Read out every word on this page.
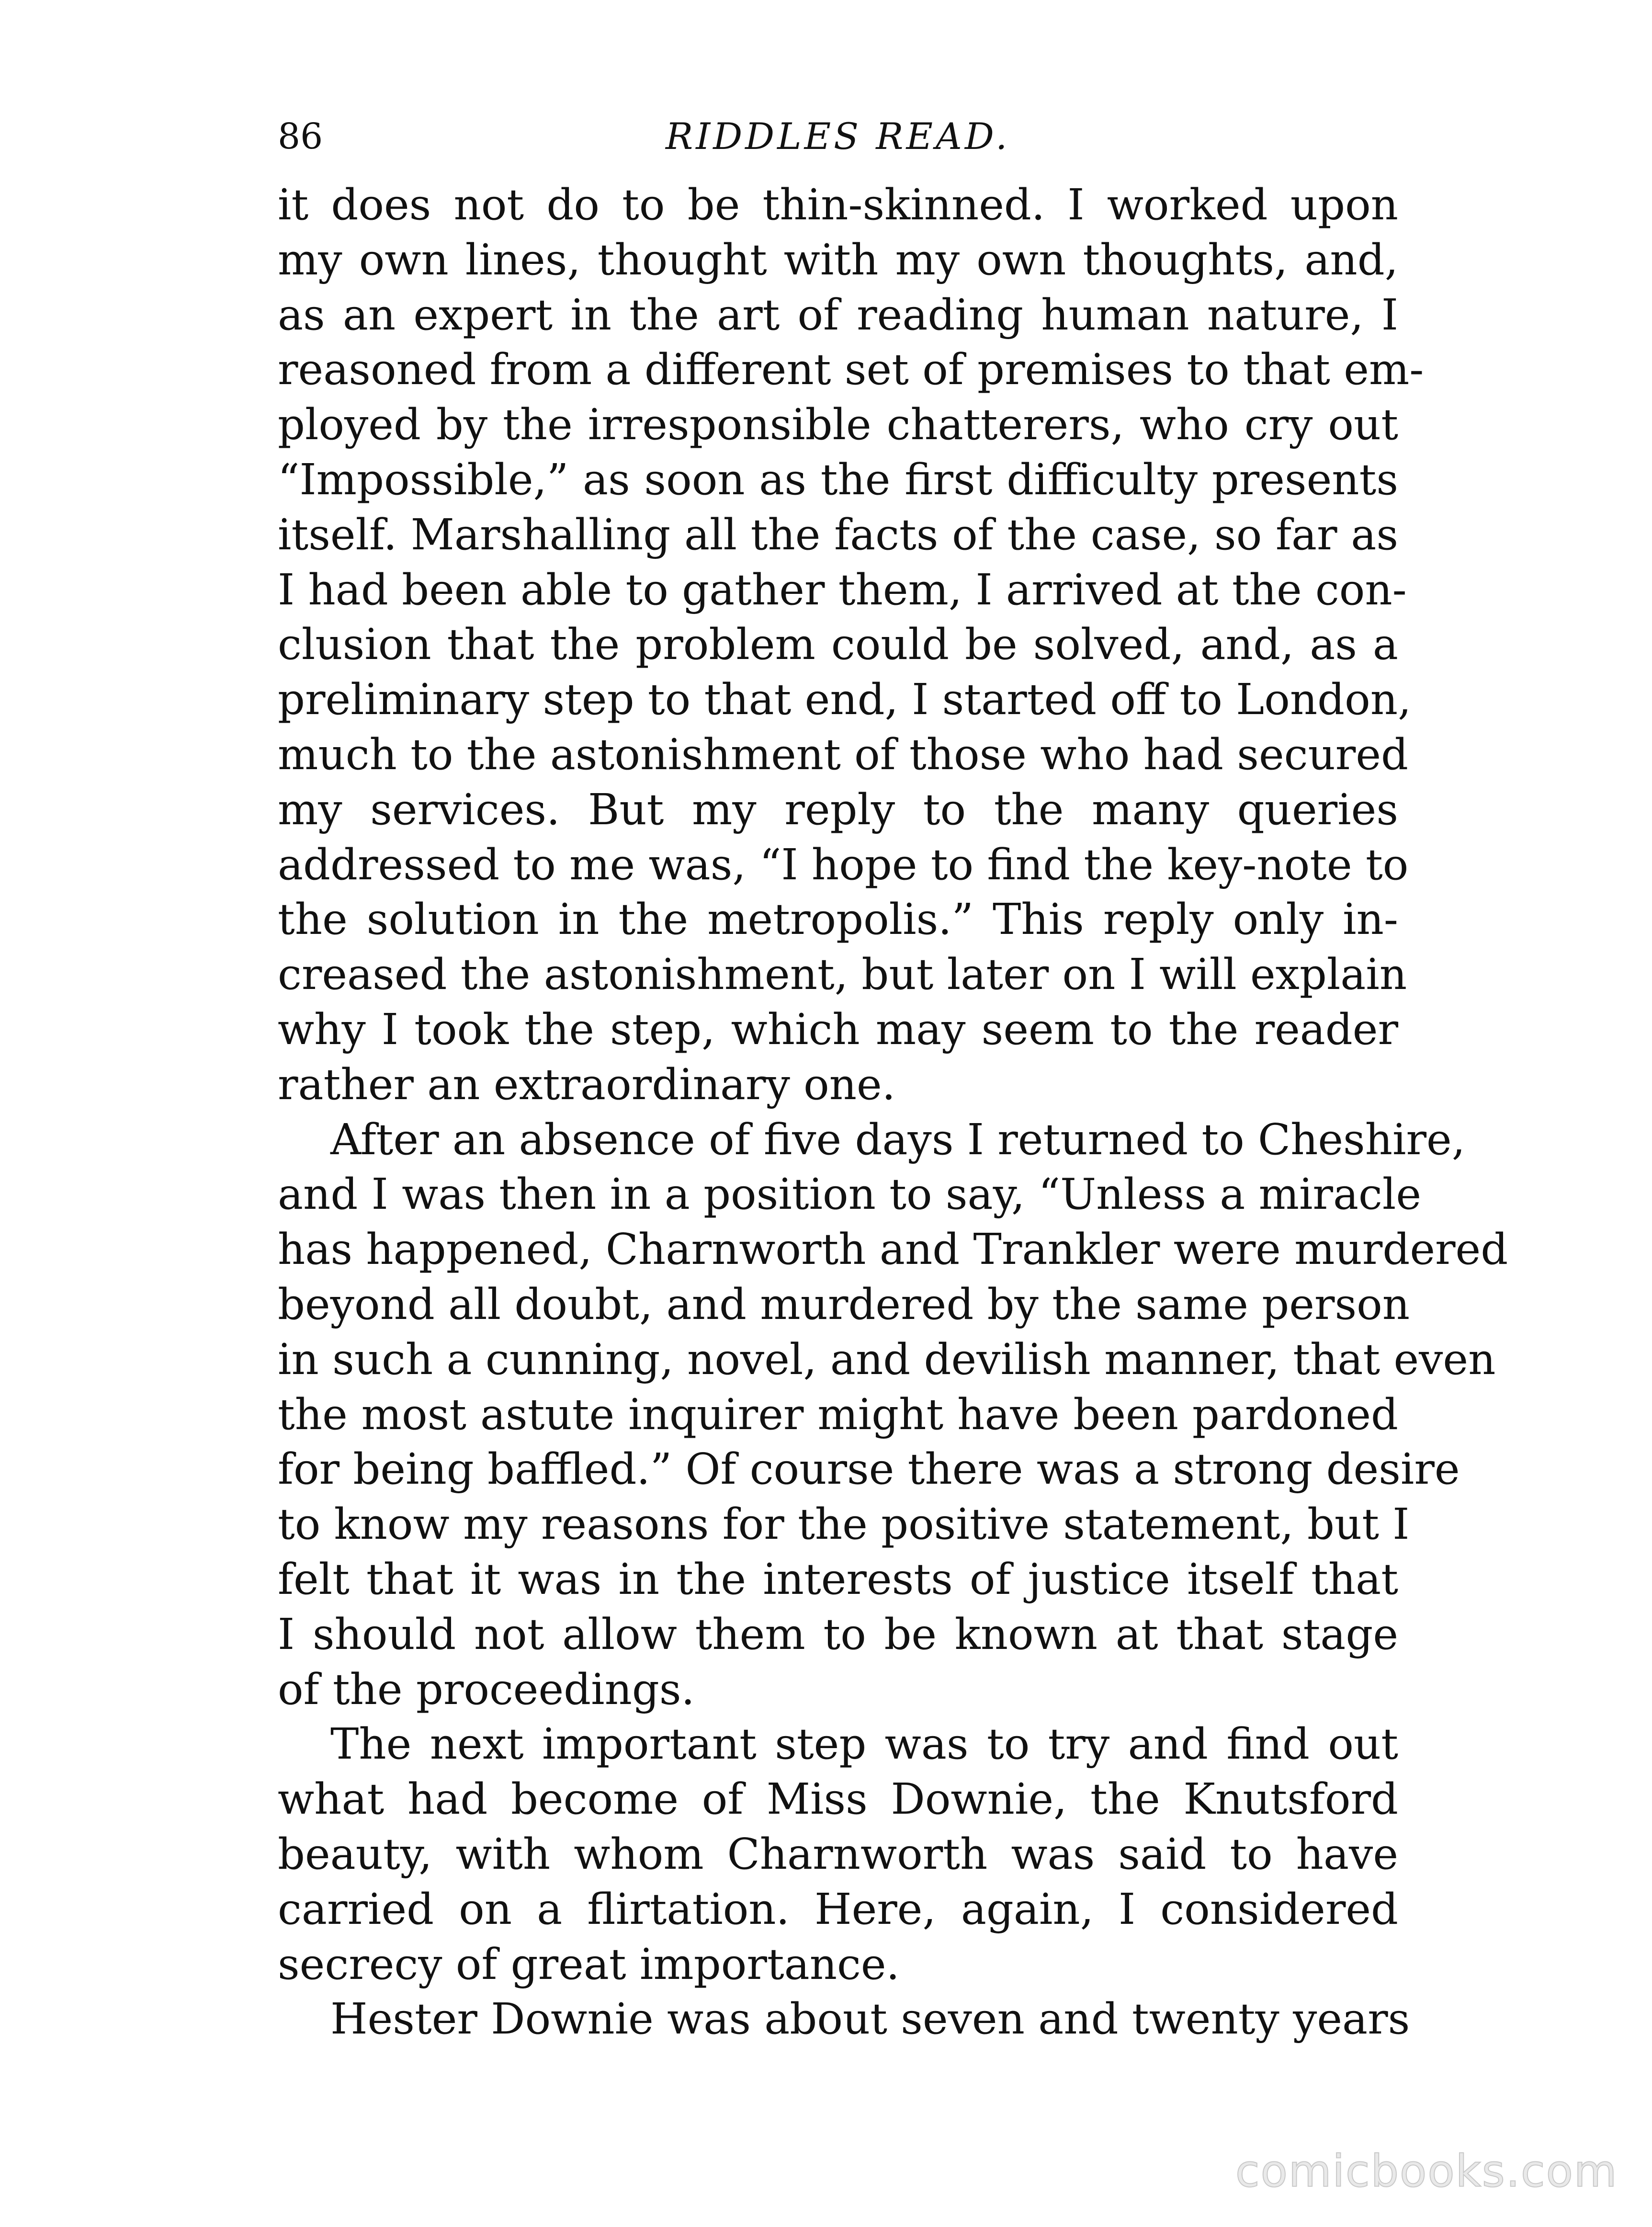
86	RIDDLES READ.
it does not do to be thin-skinned. I worked upon
my own lines, thought with my own thoughts, and,
as an expert in the art of reading human nature, I
reasoned from a different set of premises to that em-
ployed by the irresponsible chatterers, who cry out
“Impossible,” as soon as the first difficulty presents
itself. Marshalling all the facts of the case, so far as
I had been able to gather them, I arrived at the con-
clusion that the problem could be solved, and, as a
preliminary step to that end, I started off to London,
much to the astonishment of those who had secured
my services. But my reply to the many queries
addressed to me was, “I hope to find the key-note to
the solution in the metropolis.” This reply only in-
creased the astonishment, but later on I will explain
why I took the step, which may seem to the reader
rather an extraordinary one.
After an absence of five days I returned to Cheshire,
and I was then in a position to say, “Unless a miracle
has happened, Charnworth and Trankler were murdered
beyond all doubt, and murdered by the same person
in such a cunning, novel, and devilish manner, that even
the most astute inquirer might have been pardoned
for being baffled.” Of course there was a strong desire
to know my reasons for the positive statement, but I
felt that it was in the interests of justice itself that
I should not allow them to be known at that stage
of the proceedings.
The next important step was to try and find out
what had become of Miss Downie, the Knutsford
beauty, with whom Charnworth was said to have
carried on a flirtation. Here, again, I considered
secrecy of great importance.
Hester Downie was about seven and twenty years
comicbooks.com
